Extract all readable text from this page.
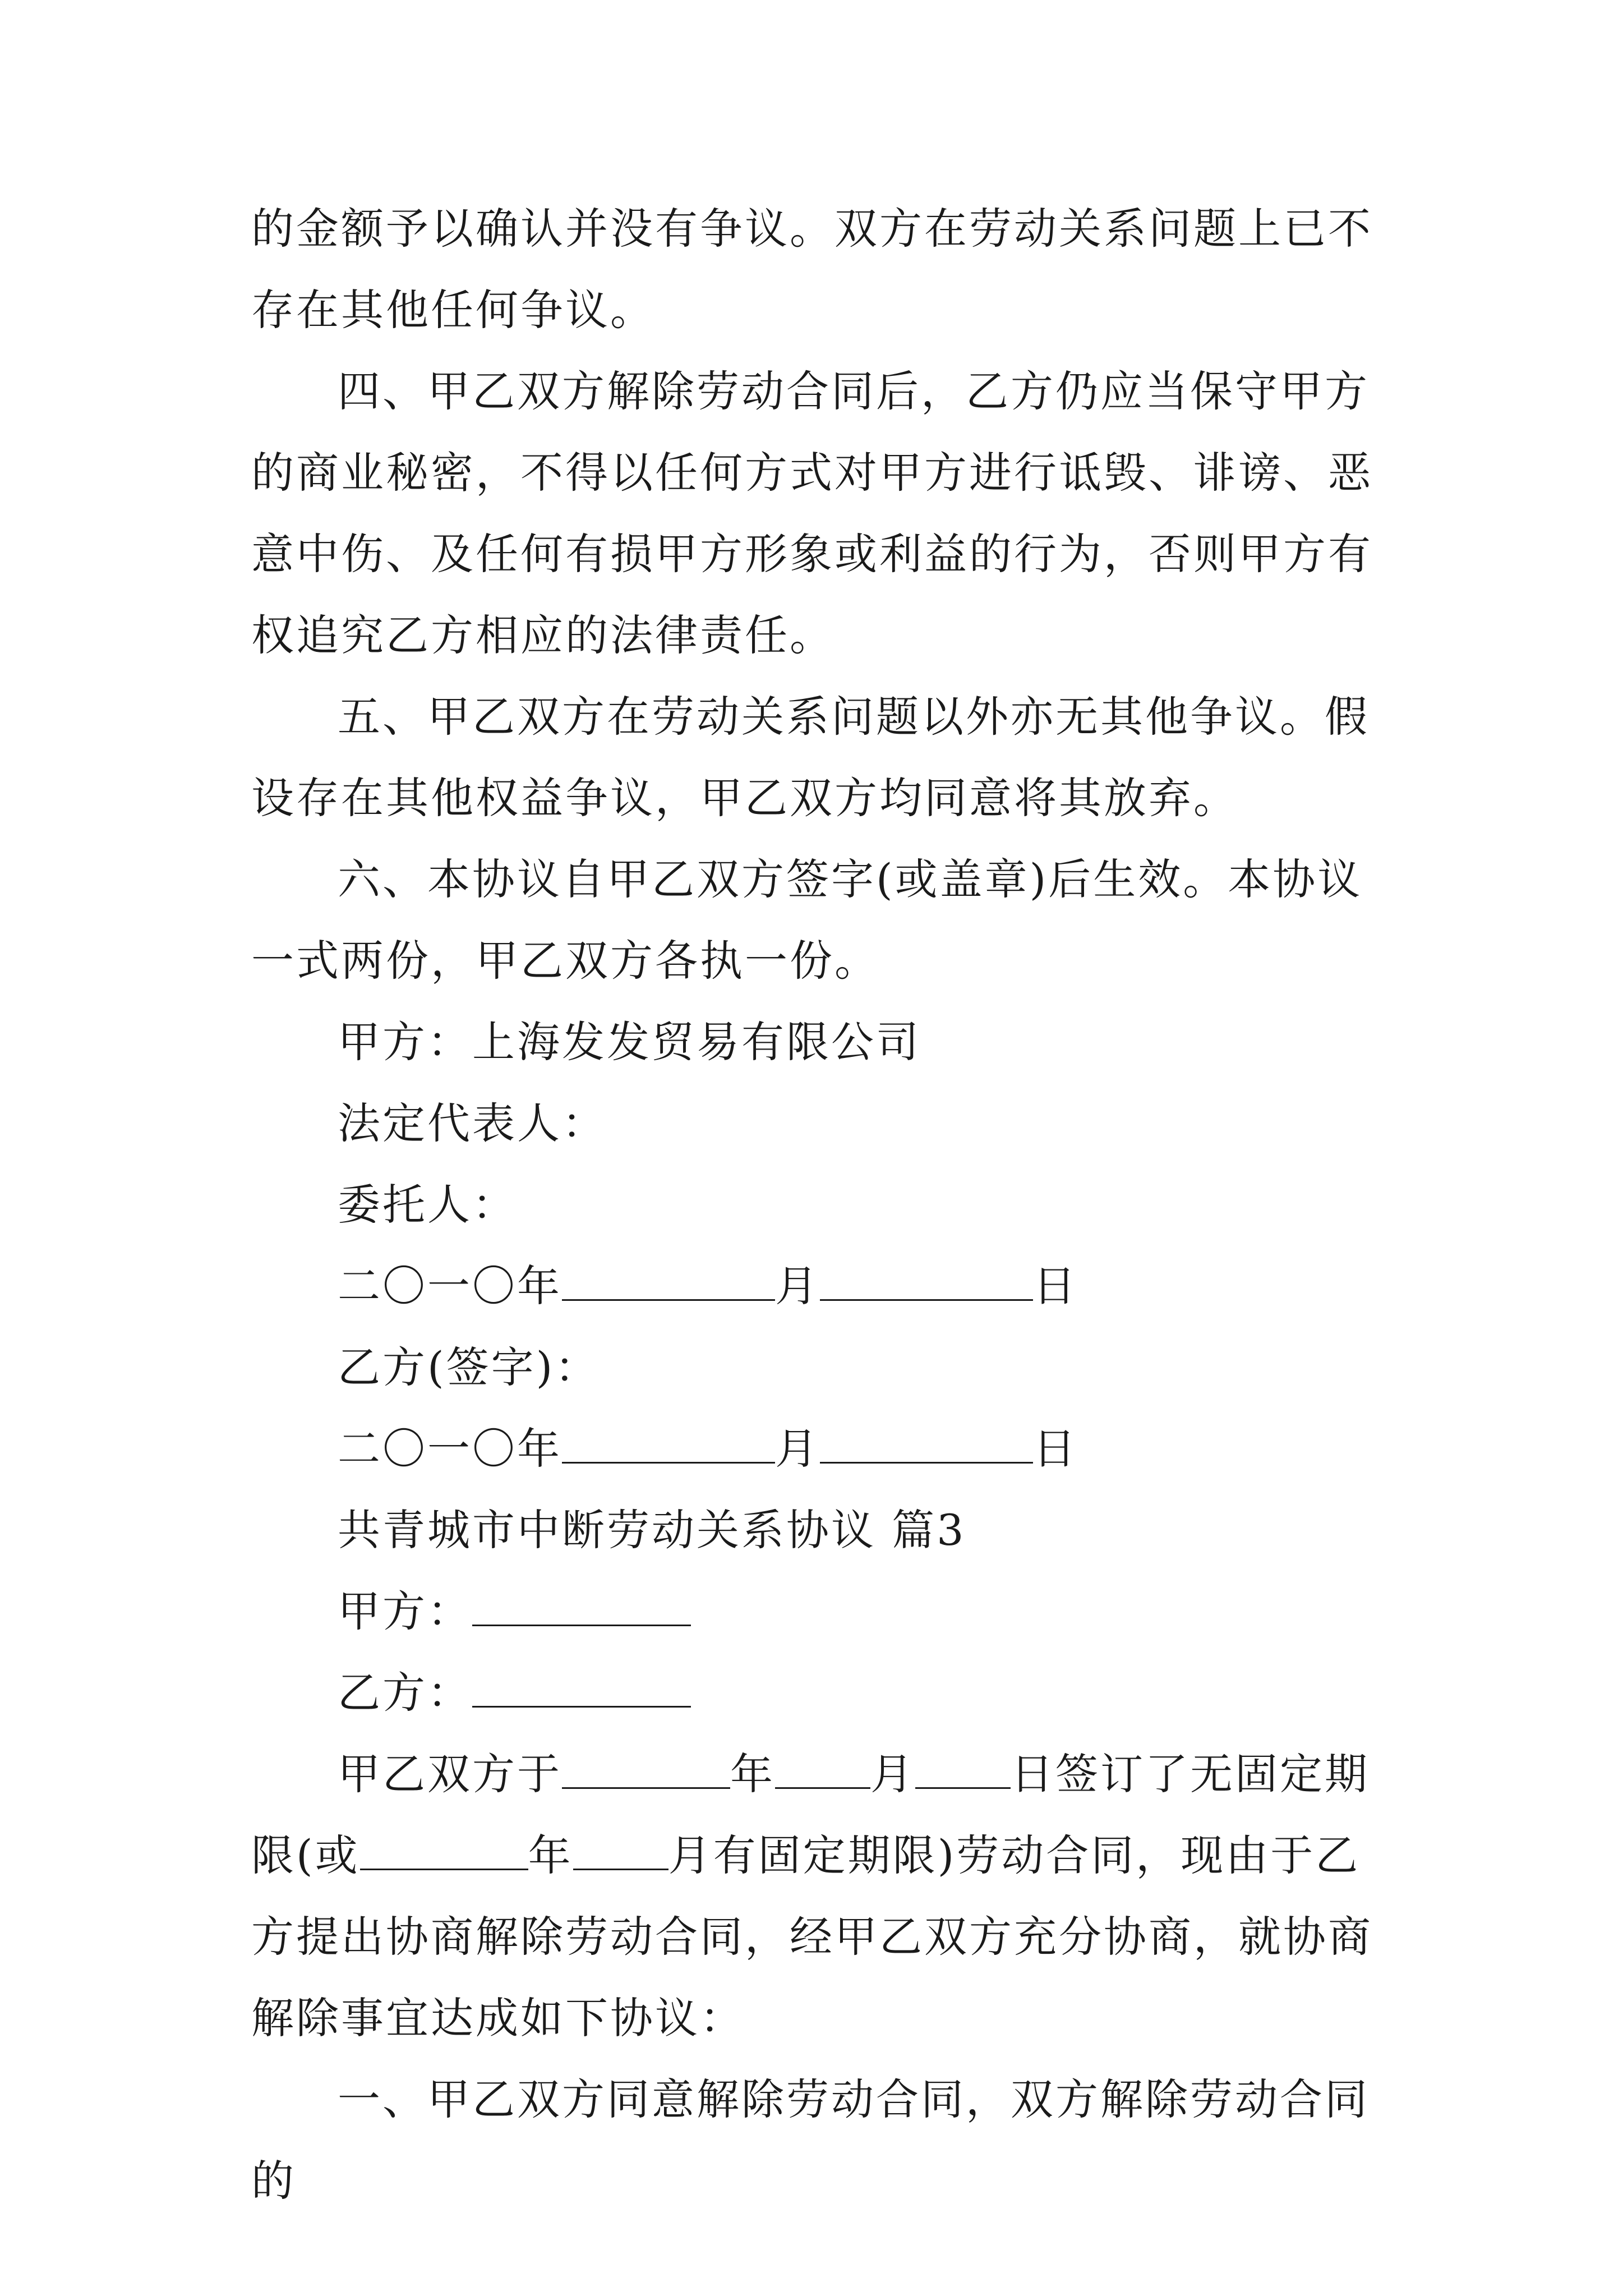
的金额予以确认并没有争议。双方在劳动关系问题上已不存在其他任何争议。

四、甲乙双方解除劳动合同后，乙方仍应当保守甲方的商业秘密，不得以任何方式对甲方进行诋毁、诽谤、恶意中伤、及任何有损甲方形象或利益的行为，否则甲方有权追究乙方相应的法律责任。

五、甲乙双方在劳动关系问题以外亦无其他争议。假设存在其他权益争议，甲乙双方均同意将其放弃。

六、本协议自甲乙双方签字(或盖章)后生效。本协议一式两份，甲乙双方各执一份。

甲方：上海发发贸易有限公司

法定代表人：

委托人：

二〇一〇年	月	日

乙方(签字)：

二〇一〇年	月	日

共青城市中断劳动关系协议 篇3

甲方：

乙方：

甲乙双方于	年 月 日签订了无固定期限(或	年 月有固定期限)劳动合同，现由于乙方提出协商解除劳动合同，经甲乙双方充分协商，就协商解除事宜达成如下协议：

一、甲乙双方同意解除劳动合同，双方解除劳动合同的
